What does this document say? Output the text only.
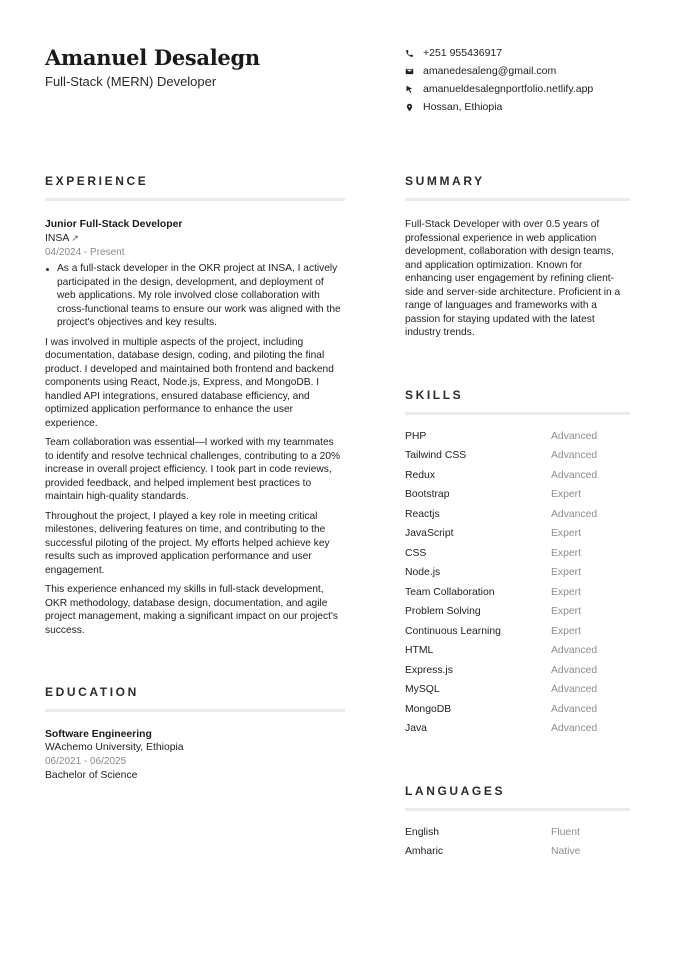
Amanuel Desalegn
Full-Stack (MERN) Developer
+251 955436917
amanedesaleng@gmail.com
amanueldesalegnportfolio.netlify.app
Hossan, Ethiopia
EXPERIENCE
Junior Full-Stack Developer
INSA ↗
04/2024 - Present
As a full-stack developer in the OKR project at INSA, I actively participated in the design, development, and deployment of web applications. My role involved close collaboration with cross-functional teams to ensure our work was aligned with the project's objectives and key results.

I was involved in multiple aspects of the project, including documentation, database design, coding, and piloting the final product. I developed and maintained both frontend and backend components using React, Node.js, Express, and MongoDB. I handled API integrations, ensured database efficiency, and optimized application performance to enhance the user experience.

Team collaboration was essential—I worked with my teammates to identify and resolve technical challenges, contributing to a 20% increase in overall project efficiency. I took part in code reviews, provided feedback, and helped implement best practices to maintain high-quality standards.

Throughout the project, I played a key role in meeting critical milestones, delivering features on time, and contributing to the successful piloting of the project. My efforts helped achieve key results such as improved application performance and user engagement.

This experience enhanced my skills in full-stack development, OKR methodology, database design, documentation, and agile project management, making a significant impact on our project's success.

EDUCATION
Software Engineering
WAchemo University, Ethiopia
06/2021 - 06/2025
Bachelor of Science
SUMMARY

Full-Stack Developer with over 0.5 years of professional experience in web application development, collaboration with design teams, and application optimization. Known for enhancing user engagement by refining client-side and server-side architecture. Proficient in a range of languages and frameworks with a passion for staying updated with the latest industry trends.

SKILLS
PHP	Advanced
Tailwind CSS	Advanced
Redux	Advanced
Bootstrap	Expert
Reactjs	Advanced
JavaScript	Expert
CSS	Expert
Node.js	Expert
Team Collaboration	Expert
Problem Solving	Expert
Continuous Learning	Expert
HTML	Advanced
Express.js	Advanced
MySQL	Advanced
MongoDB	Advanced
Java	Advanced
LANGUAGES
English	Fluent
Amharic	Native
